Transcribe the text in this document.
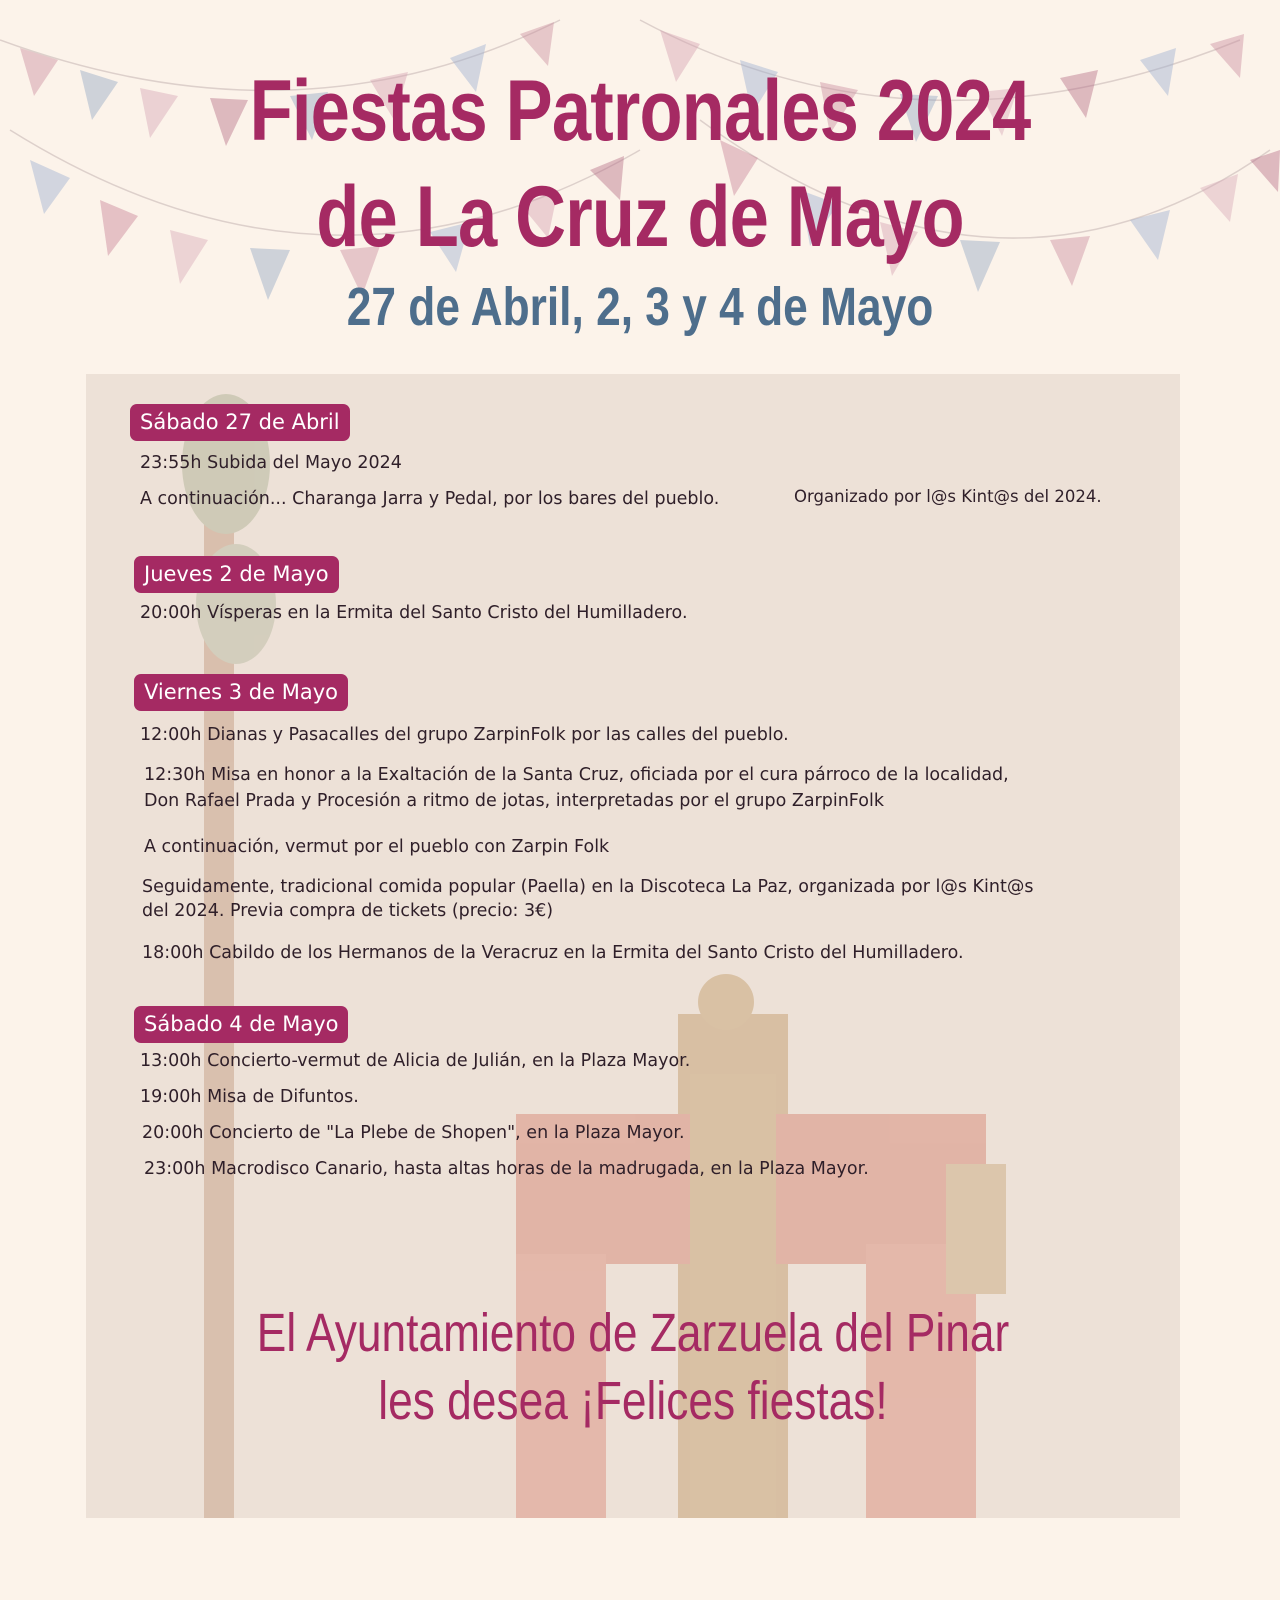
Fiestas Patronales 2024
de La Cruz de Mayo
27 de Abril, 2, 3 y 4 de Mayo
Sábado 27 de Abril
23:55h Subida del Mayo 2024
A continuación... Charanga Jarra y Pedal, por los bares del pueblo.	Organizado por l@s Kint@s del 2024.
Jueves 2 de Mayo
20:00h Vísperas en la Ermita del Santo Cristo del Humilladero.
Viernes 3 de Mayo
12:00h Dianas y Pasacalles del grupo ZarpinFolk por las calles del pueblo.
12:30h Misa en honor a la Exaltación de la Santa Cruz, oficiada por el cura párroco de la localidad,
Don Rafael Prada y Procesión a ritmo de jotas, interpretadas por el grupo ZarpinFolk
A continuación, vermut por el pueblo con Zarpin Folk
Seguidamente, tradicional comida popular (Paella) en la Discoteca La Paz, organizada por l@s Kint@s
del 2024. Previa compra de tickets (precio: 3€)
18:00h Cabildo de los Hermanos de la Veracruz en la Ermita del Santo Cristo del Humilladero.
Sábado 4 de Mayo
13:00h Concierto-vermut de Alicia de Julián, en la Plaza Mayor.
19:00h Misa de Difuntos.
20:00h Concierto de "La Plebe de Shopen", en la Plaza Mayor.
23:00h Macrodisco Canario, hasta altas horas de la madrugada, en la Plaza Mayor.
El Ayuntamiento de Zarzuela del Pinar
les desea ¡Felices fiestas!
